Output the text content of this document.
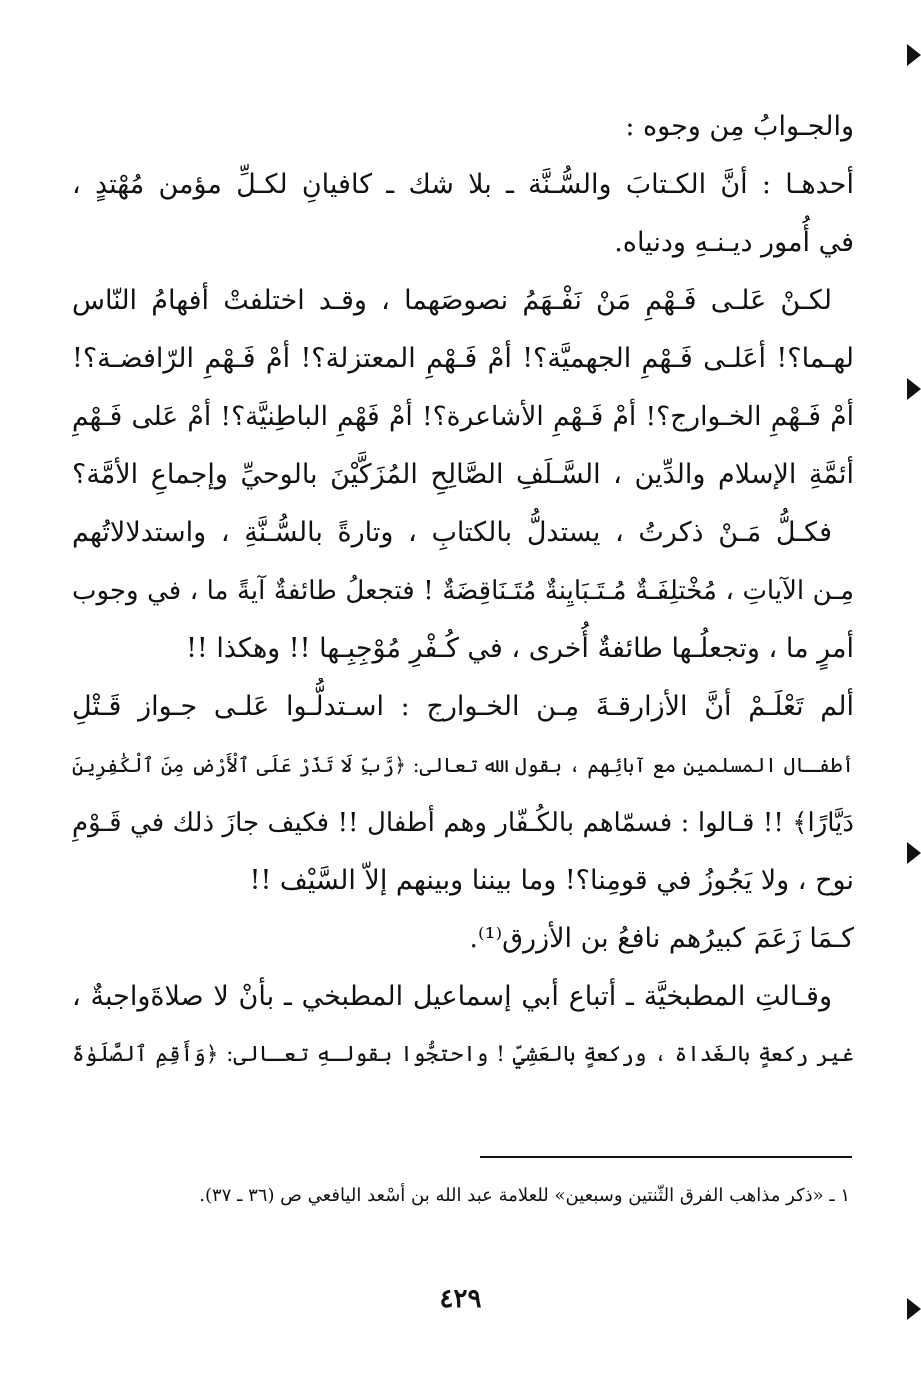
والجـوابُ مِن وجوه :
أحدهـا : أنَّ الكـتابَ والسُّـنَّة ـ بلا شك ـ كافيانِ لكـلِّ مؤمن مُهْتدٍ ،
في أُمور ديـنـهِ ودنياه.
لكـنْ عَلـى فَـهْمِ مَنْ نَفْـهَمُ نصوصَهما ، وقـد اختلفتْ أفهامُ النّاس
لهـما؟! أعَلـى فَـهْمِ الجهميَّة؟! أمْ فَـهْمِ المعتزلة؟! أمْ فَـهْمِ الرّافضـة؟!
أمْ فَـهْمِ الخـوارج؟! أمْ فَـهْمِ الأشاعرة؟! أمْ فَهْمِ الباطِنيَّة؟! أمْ عَلى فَـهْمِ
أئمَّةِ الإسلام والدِّين ، السَّـلَفِ الصَّالِحِ المُزَكَّيْنَ بالوحيِّ وإجماعِ الأمَّة؟
فكـلُّ مَـنْ ذكرتُ ، يستدلُّ بالكتابِ ، وتارةً بالسُّـنَّةِ ، واستدلالاتُهم
مِـن الآياتِ ، مُخْتلِفَـةٌ مُـتَـبَايِنةٌ مُتَـنَاقِضَةٌ ! فتجعلُ طائفةٌ آيةً ما ، في وجوب
أمرٍ ما ، وتجعلُـها طائفةٌ أُخرى ، في كُـفْرِ مُوْجِبِـها !! وهكذا !!
ألم تَعْلَـمْ أنَّ الأزارقـةَ مِـن الخـوارج : اسـتدلُّـوا عَلـى جـواز قَـتْلِ
أطفـال المسلمين مع آبائِهم ، بقول الله تعالى: ﴿رَّبِّ لَا تَذَرْ عَلَى ٱلْأَرْضِ مِنَ ٱلْكَٰفِرِينَ
دَيَّارًا﴾ !! قـالوا : فسمّاهم بالكُـفّار وهم أطفال !! فكيف جازَ ذلك في قَـوْمِ
نوح ، ولا يَجُوزُ في قومِنا؟! وما بيننا وبينهم إلاّ السَّيْف !!
كـمَا زَعَمَ كبيرُهم نافعُ بن الأزرق⁽¹⁾.
وقـالتِ المطبخيَّة ـ أتباع أبي إسماعيل المطبخي ـ بأنْ لا صلاةَواجبةٌ ،
غير ركعةٍ بالغَداة ، وركعةٍ بالعَشِيِّ ! واحتجُّوا بقولـهِ تعـالى: ﴿وَأَقِمِ ٱلصَّلَوٰةَ
١ ـ «ذكر مذاهب الفرق الثّنتين وسبعين» للعلامة عبد الله بن أسْعد اليافعي ص (٣٦ ـ ٣٧).
٤٢٩
